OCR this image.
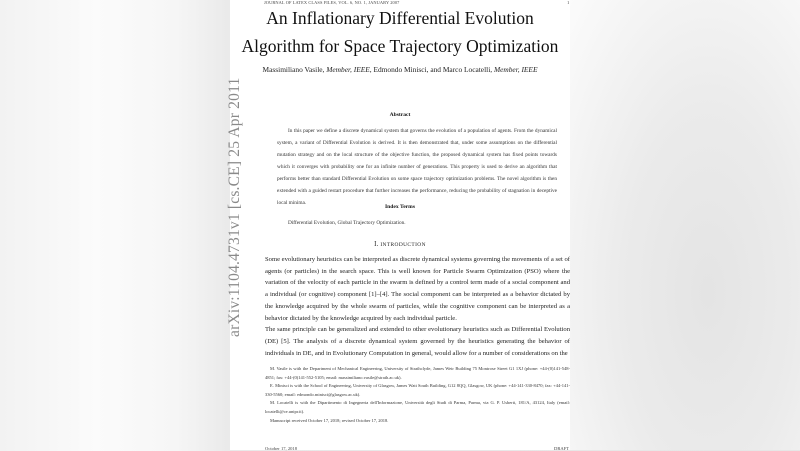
arXiv:1104.4731v1 [cs.CE] 25 Apr 2011
JOURNAL OF LATEX CLASS FILES, VOL. 6, NO. 1, JANUARY 2007	1
An Inflationary Differential Evolution
Algorithm for Space Trajectory Optimization
Massimiliano Vasile, Member, IEEE, Edmondo Minisci, and Marco Locatelli, Member, IEEE
Abstract
In this paper we define a discrete dynamical system that governs the evolution of a population of agents. From the dynamical system, a variant of Differential Evolution is derived. It is then demonstrated that, under some assumptions on the differential mutation strategy and on the local structure of the objective function, the proposed dynamical system has fixed points towards which it converges with probability one for an infinite number of generations. This property is used to derive an algorithm that performs better than standard Differential Evolution on some space trajectory optimization problems. The novel algorithm is then extended with a guided restart procedure that further increases the performance, reducing the probability of stagnation in deceptive local minima.
Index Terms
Differential Evolution, Global Trajectory Optimization.
I. INTRODUCTION

Some evolutionary heuristics can be interpreted as discrete dynamical systems governing the movements of a set of agents (or particles) in the search space. This is well known for Particle Swarm Optimization (PSO) where the variation of the velocity of each particle in the swarm is defined by a control term made of a social component and a individual (or cognitive) component [1]–[4]. The social component can be interpreted as a behavior dictated by the knowledge acquired by the whole swarm of particles, while the cognitive component can be interpreted as a behavior dictated by the knowledge acquired by each individual particle.

The same principle can be generalized and extended to other evolutionary heuristics such as Differential Evolution (DE) [5]. The analysis of a discrete dynamical system governed by the heuristics generating the behavior of individuals in DE, and in Evolutionary Computation in general, would allow for a number of considerations on the

M. Vasile is with the Department of Mechanical Engineering, University of Strathclyde, James Weir Building 75 Montrose Street G1 1XJ (phone: +44-(0)141-548-4851; fax: +44-(0)141-552-5105; email: massimiliano.vasile@strath.ac.uk).

E. Minisci is with the School of Engineering, University of Glasgow, James Watt South Building, G12 8QQ, Glasgow, UK (phone: +44-141-330-8470; fax: +44-141-330-5560; email: edmondo.minisci@glasgow.ac.uk).

M. Locatelli is with the Dipartimento di Ingegneria dell'Informazione, Università degli Studi di Parma, Parma, via G. P. Usberti, 181/A, 43124, Italy (email: locatelli@ce.unipr.it).

Manuscript received October 17, 2018; revised October 17, 2018.

October 17, 2018	DRAFT
